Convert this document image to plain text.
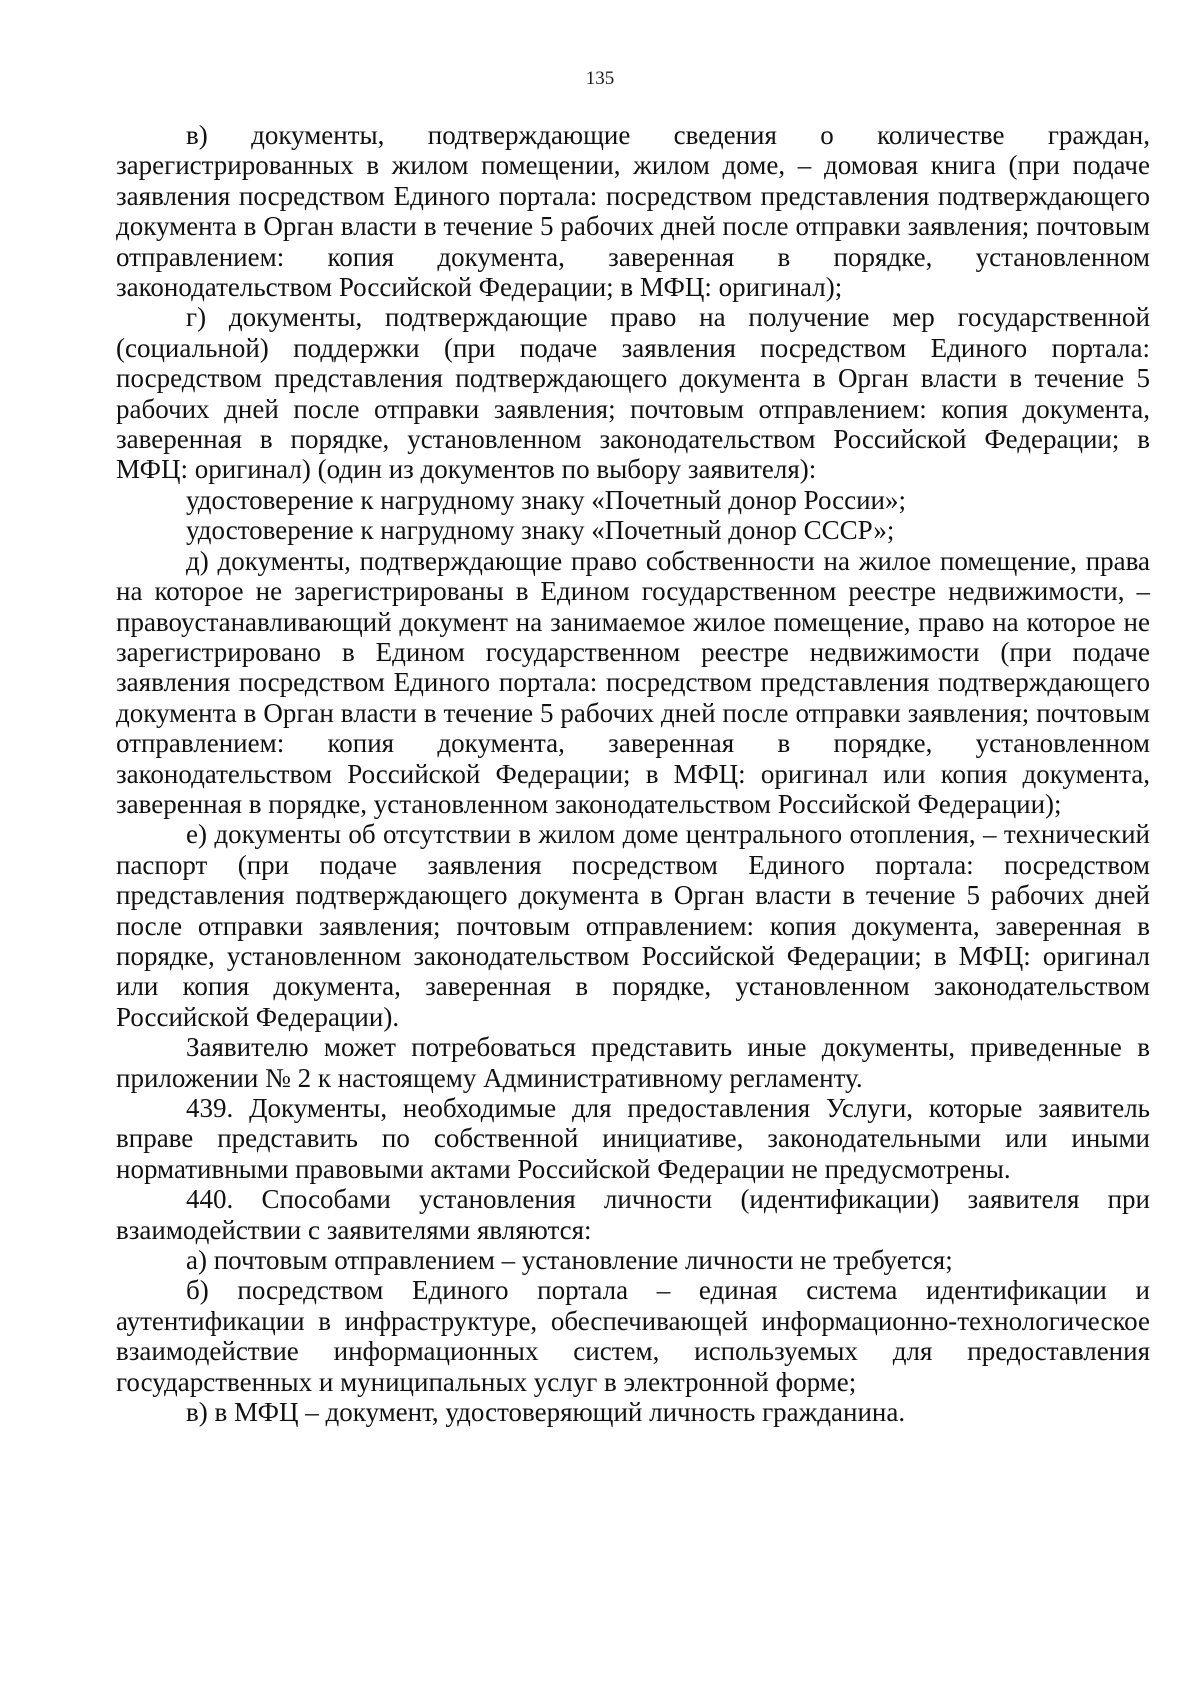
135

в) документы, подтверждающие сведения о количестве граждан, зарегистрированных в жилом помещении, жилом доме, – домовая книга (при подаче заявления посредством Единого портала: посредством представления подтверждающего документа в Орган власти в течение 5 рабочих дней после отправки заявления; почтовым отправлением: копия документа, заверенная в порядке, установленном законодательством Российской Федерации; в МФЦ: оригинал);

г) документы, подтверждающие право на получение мер государственной (социальной) поддержки (при подаче заявления посредством Единого портала: посредством представления подтверждающего документа в Орган власти в течение 5 рабочих дней после отправки заявления; почтовым отправлением: копия документа, заверенная в порядке, установленном законодательством Российской Федерации; в МФЦ: оригинал) (один из документов по выбору заявителя):

удостоверение к нагрудному знаку «Почетный донор России»;

удостоверение к нагрудному знаку «Почетный донор СССР»;

д) документы, подтверждающие право собственности на жилое помещение, права на которое не зарегистрированы в Едином государственном реестре недвижимости, – правоустанавливающий документ на занимаемое жилое помещение, право на которое не зарегистрировано в Едином государственном реестре недвижимости (при подаче заявления посредством Единого портала: посредством представления подтверждающего документа в Орган власти в течение 5 рабочих дней после отправки заявления; почтовым отправлением: копия документа, заверенная в порядке, установленном законодательством Российской Федерации; в МФЦ: оригинал или копия документа, заверенная в порядке, установленном законодательством Российской Федерации);

е) документы об отсутствии в жилом доме центрального отопления, – технический паспорт (при подаче заявления посредством Единого портала: посредством представления подтверждающего документа в Орган власти в течение 5 рабочих дней после отправки заявления; почтовым отправлением: копия документа, заверенная в порядке, установленном законодательством Российской Федерации; в МФЦ: оригинал или копия документа, заверенная в порядке, установленном законодательством Российской Федерации).

Заявителю может потребоваться представить иные документы, приведенные в приложении № 2 к настоящему Административному регламенту.

439. Документы, необходимые для предоставления Услуги, которые заявитель вправе представить по собственной инициативе, законодательными или иными нормативными правовыми актами Российской Федерации не предусмотрены.

440. Способами установления личности (идентификации) заявителя при взаимодействии с заявителями являются:

а) почтовым отправлением – установление личности не требуется;

б) посредством Единого портала – единая система идентификации и аутентификации в инфраструктуре, обеспечивающей информационно-технологическое взаимодействие информационных систем, используемых для предоставления государственных и муниципальных услуг в электронной форме;

в) в МФЦ – документ, удостоверяющий личность гражданина.
